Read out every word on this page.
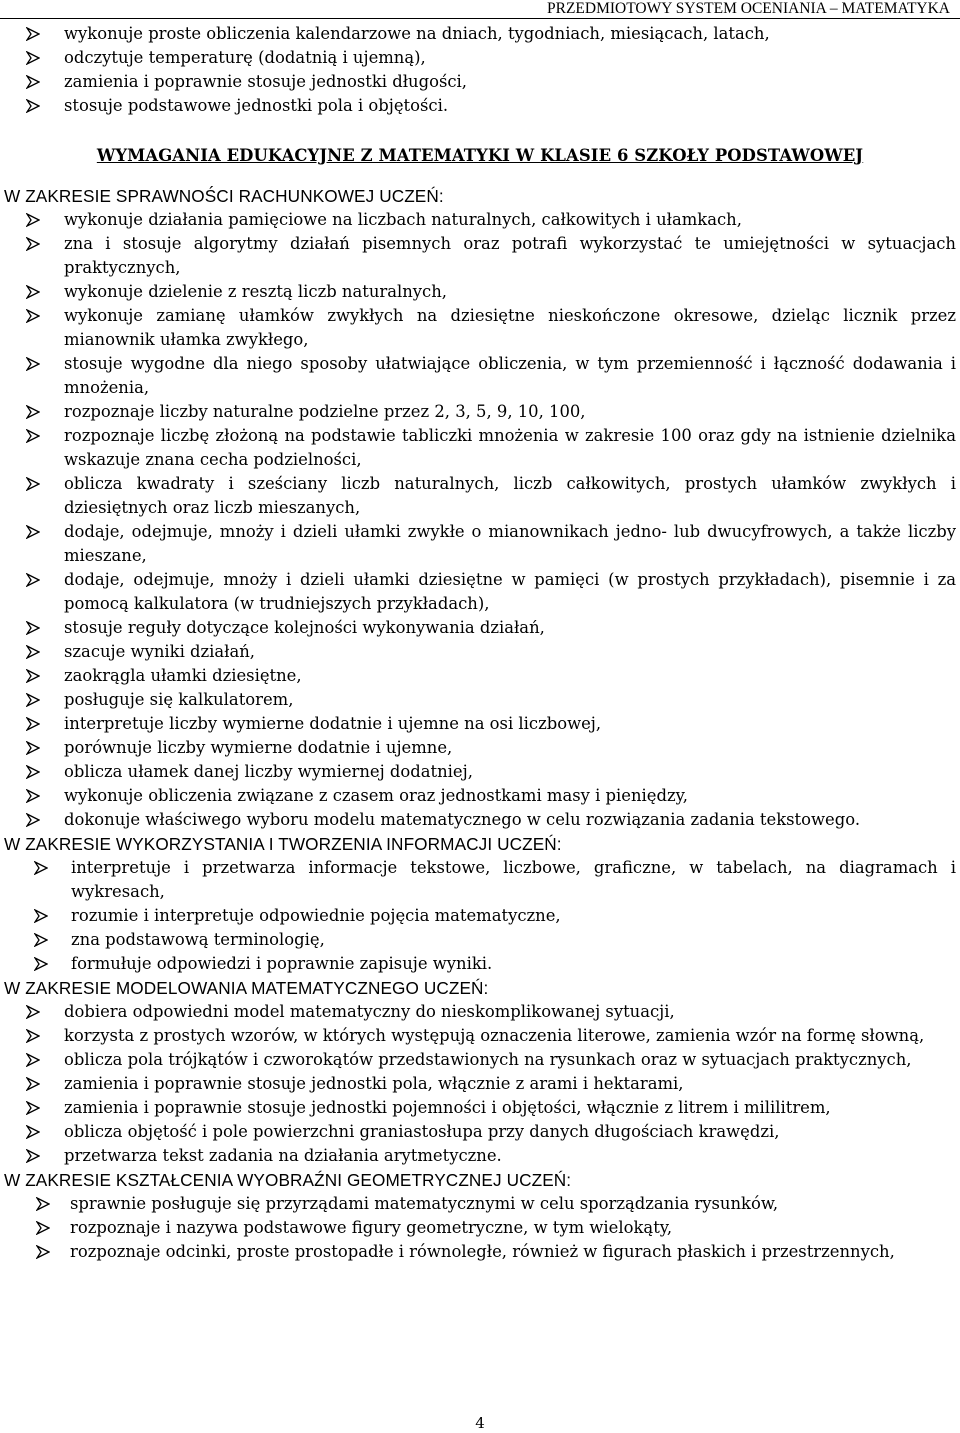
PRZEDMIOTOWY SYSTEM OCENIANIA – MATEMATYKA
wykonuje proste obliczenia kalendarzowe na dniach, tygodniach, miesiącach, latach,
odczytuje temperaturę (dodatnią i ujemną),
zamienia i poprawnie stosuje jednostki długości,
stosuje podstawowe jednostki pola i objętości.
WYMAGANIA EDUKACYJNE Z MATEMATYKI W KLASIE 6 SZKOŁY PODSTAWOWEJ
W ZAKRESIE SPRAWNOŚCI RACHUNKOWEJ UCZEŃ:
wykonuje działania pamięciowe na liczbach naturalnych, całkowitych i ułamkach,
zna i stosuje algorytmy działań pisemnych oraz potrafi wykorzystać te umiejętności w sytuacjach praktycznych,
wykonuje dzielenie z resztą liczb naturalnych,
wykonuje zamianę ułamków zwykłych na dziesiętne nieskończone okresowe, dzieląc licznik przez mianownik ułamka zwykłego,
stosuje wygodne dla niego sposoby ułatwiające obliczenia, w tym przemienność i łączność dodawania i mnożenia,
rozpoznaje liczby naturalne podzielne przez 2, 3, 5, 9, 10, 100,
rozpoznaje liczbę złożoną na podstawie tabliczki mnożenia w zakresie 100 oraz gdy na istnienie dzielnika wskazuje znana cecha podzielności,
oblicza kwadraty i sześciany liczb naturalnych, liczb całkowitych, prostych ułamków zwykłych i dziesiętnych oraz liczb mieszanych,
dodaje, odejmuje, mnoży i dzieli ułamki zwykłe o mianownikach jedno- lub dwucyfrowych, a także liczby mieszane,
dodaje, odejmuje, mnoży i dzieli ułamki dziesiętne w pamięci (w prostych przykładach), pisemnie i za pomocą kalkulatora (w trudniejszych przykładach),
stosuje reguły dotyczące kolejności wykonywania działań,
szacuje wyniki działań,
zaokrągla ułamki dziesiętne,
posługuje się kalkulatorem,
interpretuje liczby wymierne dodatnie i ujemne na osi liczbowej,
porównuje liczby wymierne dodatnie i ujemne,
oblicza ułamek danej liczby wymiernej dodatniej,
wykonuje obliczenia związane z czasem oraz jednostkami masy i pieniędzy,
dokonuje właściwego wyboru modelu matematycznego w celu rozwiązania zadania tekstowego.
W ZAKRESIE WYKORZYSTANIA I TWORZENIA INFORMACJI UCZEŃ:
interpretuje i przetwarza informacje tekstowe, liczbowe, graficzne, w tabelach, na diagramach i wykresach,
rozumie i interpretuje odpowiednie pojęcia matematyczne,
zna podstawową terminologię,
formułuje odpowiedzi i poprawnie zapisuje wyniki.
W ZAKRESIE MODELOWANIA MATEMATYCZNEGO UCZEŃ:
dobiera odpowiedni model matematyczny do nieskomplikowanej sytuacji,
korzysta z prostych wzorów, w których występują oznaczenia literowe, zamienia wzór na formę słowną,
oblicza pola trójkątów i czworokątów przedstawionych na rysunkach oraz w sytuacjach praktycznych,
zamienia i poprawnie stosuje jednostki pola, włącznie z arami i hektarami,
zamienia i poprawnie stosuje jednostki pojemności i objętości, włącznie z litrem i mililitrem,
oblicza objętość i pole powierzchni graniastosłupa przy danych długościach krawędzi,
przetwarza tekst zadania na działania arytmetyczne.
W ZAKRESIE KSZTAŁCENIA WYOBRAŹNI GEOMETRYCZNEJ UCZEŃ:
sprawnie posługuje się przyrządami matematycznymi w celu sporządzania rysunków,
rozpoznaje i nazywa podstawowe figury geometryczne, w tym wielokąty,
rozpoznaje odcinki, proste prostopadłe i równoległe, również w figurach płaskich i przestrzennych,
4
